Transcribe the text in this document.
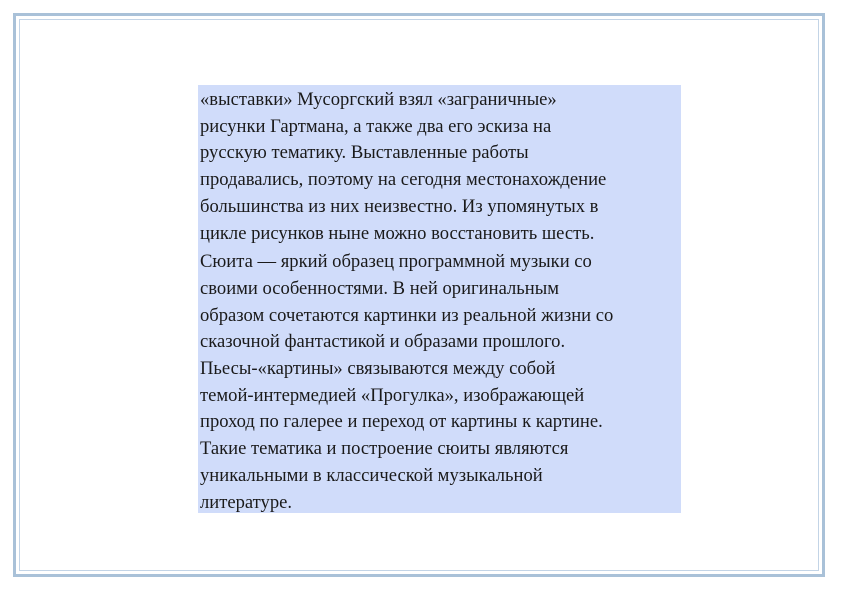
«выставки» Мусоргский взял «заграничные»
рисунки Гартмана, а также два его эскиза на
русскую тематику. Выставленные работы
продавались, поэтому на сегодня местонахождение
большинства из них неизвестно. Из упомянутых в
цикле рисунков ныне можно восстановить шесть.

Сюита — яркий образец программной музыки со
своими особенностями. В ней оригинальным
образом сочетаются картинки из реальной жизни со
сказочной фантастикой и образами прошлого.
Пьесы-«картины» связываются между собой
темой-интермедией «Прогулка», изображающей
проход по галерее и переход от картины к картине.
Такие тематика и построение сюиты являются
уникальными в классической музыкальной
литературе.
